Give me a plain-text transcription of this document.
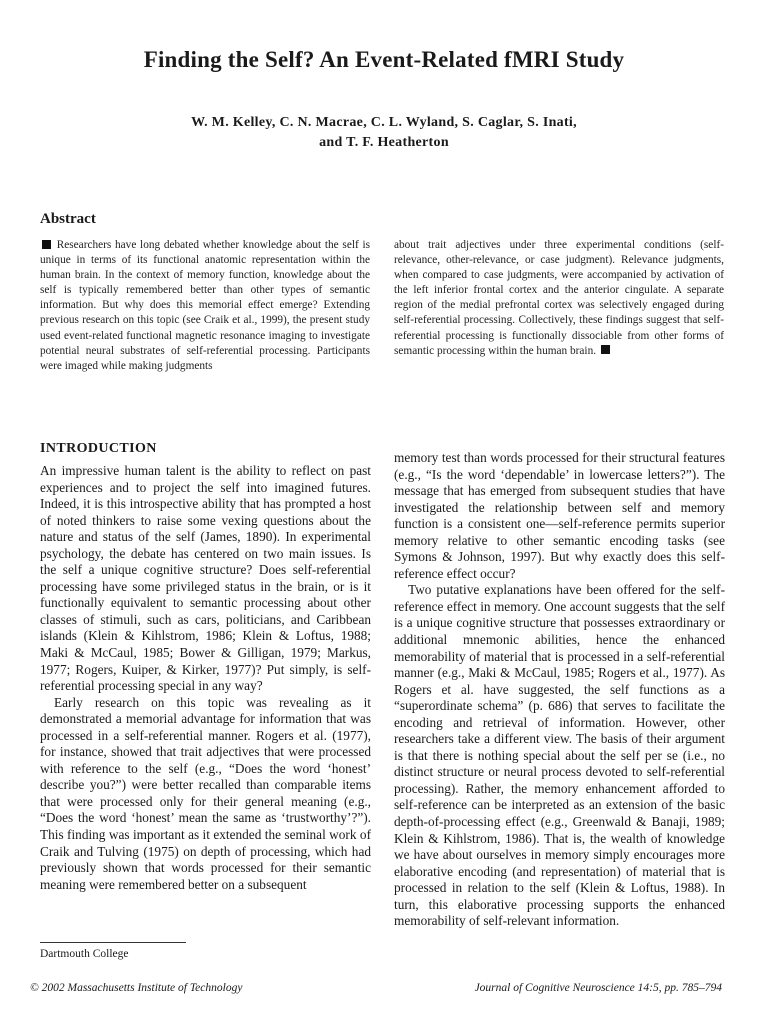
Finding the Self? An Event-Related fMRI Study
W. M. Kelley, C. N. Macrae, C. L. Wyland, S. Caglar, S. Inati,
and T. F. Heatherton
Abstract
Researchers have long debated whether knowledge about the self is unique in terms of its functional anatomic representation within the human brain. In the context of memory function, knowledge about the self is typically remembered better than other types of semantic information. But why does this memorial effect emerge? Extending previous research on this topic (see Craik et al., 1999), the present study used event-related functional magnetic resonance imaging to investigate potential neural substrates of self-referential processing. Participants were imaged while making judgments
about trait adjectives under three experimental conditions (self-relevance, other-relevance, or case judgment). Relevance judgments, when compared to case judgments, were accompanied by activation of the left inferior frontal cortex and the anterior cingulate. A separate region of the medial prefrontal cortex was selectively engaged during self-referential processing. Collectively, these findings suggest that self-referential processing is functionally dissociable from other forms of semantic processing within the human brain.
INTRODUCTION

An impressive human talent is the ability to reflect on past experiences and to project the self into imagined futures. Indeed, it is this introspective ability that has prompted a host of noted thinkers to raise some vexing questions about the nature and status of the self (James, 1890). In experimental psychology, the debate has centered on two main issues. Is the self a unique cognitive structure? Does self-referential processing have some privileged status in the brain, or is it functionally equivalent to semantic processing about other classes of stimuli, such as cars, politicians, and Caribbean islands (Klein & Kihlstrom, 1986; Klein & Loftus, 1988; Maki & McCaul, 1985; Bower & Gilligan, 1979; Markus, 1977; Rogers, Kuiper, & Kirker, 1977)? Put simply, is self-referential processing special in any way?

Early research on this topic was revealing as it demonstrated a memorial advantage for information that was processed in a self-referential manner. Rogers et al. (1977), for instance, showed that trait adjectives that were processed with reference to the self (e.g., “Does the word ‘honest’ describe you?”) were better recalled than comparable items that were processed only for their general meaning (e.g., “Does the word ‘honest’ mean the same as ‘trustworthy’?”). This finding was important as it extended the seminal work of Craik and Tulving (1975) on depth of processing, which had previously shown that words processed for their semantic meaning were remembered better on a subsequent

memory test than words processed for their structural features (e.g., “Is the word ‘dependable’ in lowercase letters?”). The message that has emerged from subsequent studies that have investigated the relationship between self and memory function is a consistent one—self-reference permits superior memory relative to other semantic encoding tasks (see Symons & Johnson, 1997). But why exactly does this self-reference effect occur?

Two putative explanations have been offered for the self-reference effect in memory. One account suggests that the self is a unique cognitive structure that possesses extraordinary or additional mnemonic abilities, hence the enhanced memorability of material that is processed in a self-referential manner (e.g., Maki & McCaul, 1985; Rogers et al., 1977). As Rogers et al. have suggested, the self functions as a “superordinate schema” (p. 686) that serves to facilitate the encoding and retrieval of information. However, other researchers take a different view. The basis of their argument is that there is nothing special about the self per se (i.e., no distinct structure or neural process devoted to self-referential processing). Rather, the memory enhancement afforded to self-reference can be interpreted as an extension of the basic depth-of-processing effect (e.g., Greenwald & Banaji, 1989; Klein & Kihlstrom, 1986). That is, the wealth of knowledge we have about ourselves in memory simply encourages more elaborative encoding (and representation) of material that is processed in relation to the self (Klein & Loftus, 1988). In turn, this elaborative processing supports the enhanced memorability of self-relevant information.

Dartmouth College
© 2002 Massachusetts Institute of Technology	Journal of Cognitive Neuroscience 14:5, pp. 785–794
